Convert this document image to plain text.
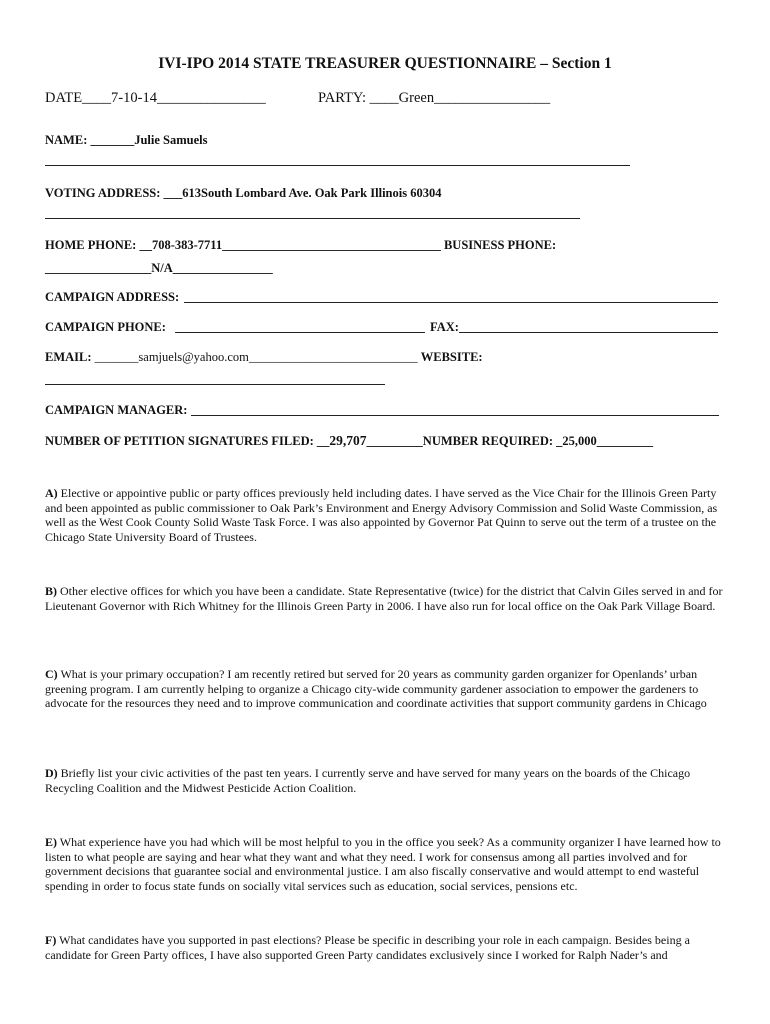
IVI-IPO 2014 STATE TREASURER QUESTIONNAIRE – Section 1
DATE____7-10-14_______________	PARTY: ____Green________________
NAME: _______Julie Samuels
VOTING ADDRESS: ___613South Lombard Ave. Oak Park Illinois 60304
HOME PHONE: __708-383-7711___________________________________ BUSINESS PHONE:
_________________N/A________________
CAMPAIGN ADDRESS:
CAMPAIGN PHONE:	FAX:
EMAIL: _______samjuels@yahoo.com___________________________ WEBSITE:
CAMPAIGN MANAGER:
NUMBER OF PETITION SIGNATURES FILED: __29,707_________NUMBER REQUIRED: _25,000_________
A) Elective or appointive public or party offices previously held including dates. I have served as the Vice Chair for the Illinois Green Party and been appointed as public commissioner to Oak Park’s Environment and Energy Advisory Commission and Solid Waste Commission, as well as the West Cook County Solid Waste Task Force. I was also appointed by Governor Pat Quinn to serve out the term of a trustee on the Chicago State University Board of Trustees.
B) Other elective offices for which you have been a candidate. State Representative (twice) for the district that Calvin Giles served in and for Lieutenant Governor with Rich Whitney for the Illinois Green Party in 2006. I have also run for local office on the Oak Park Village Board.
C) What is your primary occupation? I am recently retired but served for 20 years as community garden organizer for Openlands’ urban greening program. I am currently helping to organize a Chicago city-wide community gardener association to empower the gardeners to advocate for the resources they need and to improve communication and coordinate activities that support community gardens in Chicago
D) Briefly list your civic activities of the past ten years. I currently serve and have served for many years on the boards of the Chicago Recycling Coalition and the Midwest Pesticide Action Coalition.
E) What experience have you had which will be most helpful to you in the office you seek? As a community organizer I have learned how to listen to what people are saying and hear what they want and what they need. I work for consensus among all parties involved and for government decisions that guarantee social and environmental justice. I am also fiscally conservative and would attempt to end wasteful spending in order to focus state funds on socially vital services such as education, social services, pensions etc.
F) What candidates have you supported in past elections? Please be specific in describing your role in each campaign. Besides being a candidate for Green Party offices, I have also supported Green Party candidates exclusively since I worked for Ralph Nader’s and
